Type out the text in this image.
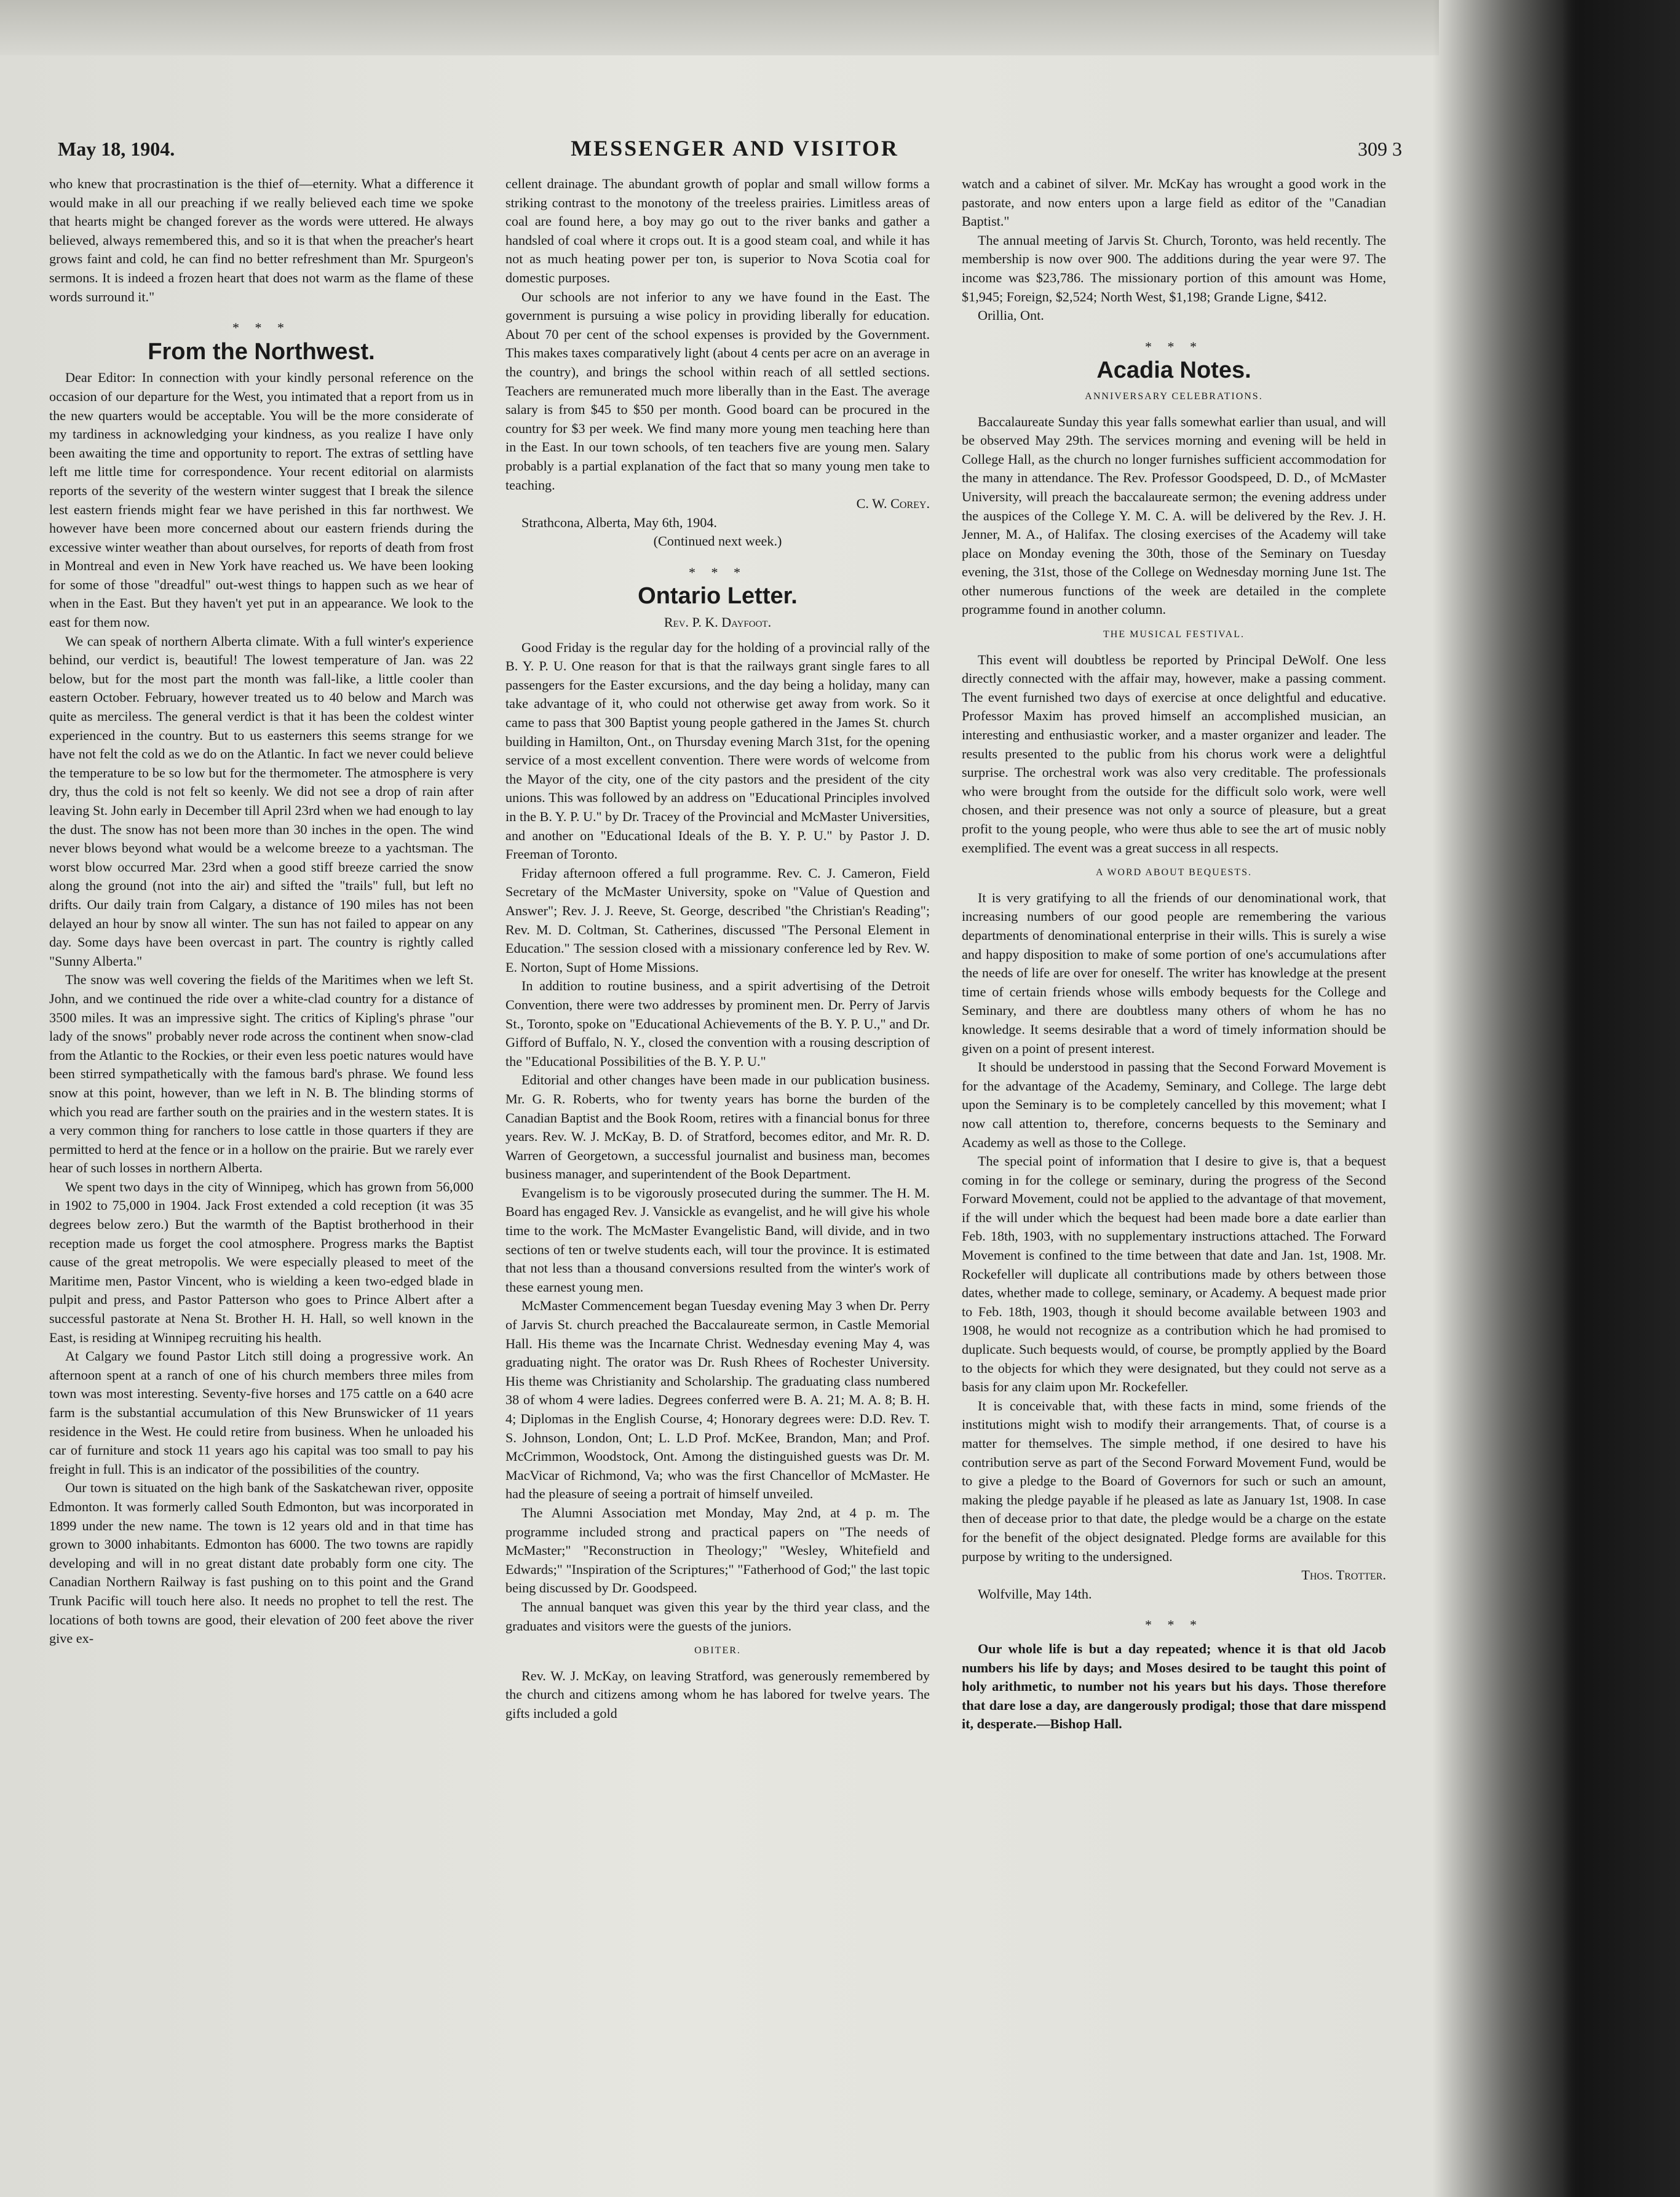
May 18, 1904.	MESSENGER AND VISITOR	309 3

who knew that procrastination is the thief of—eternity. What a difference it would make in all our preaching if we really believed each time we spoke that hearts might be changed forever as the words were uttered. He always believed, always remembered this, and so it is that when the preacher's heart grows faint and cold, he can find no better refreshment than Mr. Spurgeon's sermons. It is indeed a frozen heart that does not warm as the flame of these words surround it."

* * *
From the Northwest.

Dear Editor: In connection with your kindly personal reference on the occasion of our departure for the West, you intimated that a report from us in the new quarters would be acceptable. You will be the more considerate of my tardiness in acknowledging your kindness, as you realize I have only been awaiting the time and opportunity to report. The extras of settling have left me little time for correspondence. Your recent editorial on alarmists reports of the severity of the western winter suggest that I break the silence lest eastern friends might fear we have perished in this far northwest. We however have been more concerned about our eastern friends during the excessive winter weather than about ourselves, for reports of death from frost in Montreal and even in New York have reached us. We have been looking for some of those "dreadful" out-west things to happen such as we hear of when in the East. But they haven't yet put in an appearance. We look to the east for them now.

We can speak of northern Alberta climate. With a full winter's experience behind, our verdict is, beautiful! The lowest temperature of Jan. was 22 below, but for the most part the month was fall-like, a little cooler than eastern October. February, however treated us to 40 below and March was quite as merciless. The general verdict is that it has been the coldest winter experienced in the country. But to us easterners this seems strange for we have not felt the cold as we do on the Atlantic. In fact we never could believe the temperature to be so low but for the thermometer. The atmosphere is very dry, thus the cold is not felt so keenly. We did not see a drop of rain after leaving St. John early in December till April 23rd when we had enough to lay the dust. The snow has not been more than 30 inches in the open. The wind never blows beyond what would be a welcome breeze to a yachtsman. The worst blow occurred Mar. 23rd when a good stiff breeze carried the snow along the ground (not into the air) and sifted the "trails" full, but left no drifts. Our daily train from Calgary, a distance of 190 miles has not been delayed an hour by snow all winter. The sun has not failed to appear on any day. Some days have been overcast in part. The country is rightly called "Sunny Alberta."

The snow was well covering the fields of the Maritimes when we left St. John, and we continued the ride over a white-clad country for a distance of 3500 miles. It was an impressive sight. The critics of Kipling's phrase "our lady of the snows" probably never rode across the continent when snow-clad from the Atlantic to the Rockies, or their even less poetic natures would have been stirred sympathetically with the famous bard's phrase. We found less snow at this point, however, than we left in N. B. The blinding storms of which you read are farther south on the prairies and in the western states. It is a very common thing for ranchers to lose cattle in those quarters if they are permitted to herd at the fence or in a hollow on the prairie. But we rarely ever hear of such losses in northern Alberta.

We spent two days in the city of Winnipeg, which has grown from 56,000 in 1902 to 75,000 in 1904. Jack Frost extended a cold reception (it was 35 degrees below zero.) But the warmth of the Baptist brotherhood in their reception made us forget the cool atmosphere. Progress marks the Baptist cause of the great metropolis. We were especially pleased to meet of the Maritime men, Pastor Vincent, who is wielding a keen two-edged blade in pulpit and press, and Pastor Patterson who goes to Prince Albert after a successful pastorate at Nena St. Brother H. H. Hall, so well known in the East, is residing at Winnipeg recruiting his health.

At Calgary we found Pastor Litch still doing a progressive work. An afternoon spent at a ranch of one of his church members three miles from town was most interesting. Seventy-five horses and 175 cattle on a 640 acre farm is the substantial accumulation of this New Brunswicker of 11 years residence in the West. He could retire from business. When he unloaded his car of furniture and stock 11 years ago his capital was too small to pay his freight in full. This is an indicator of the possibilities of the country.

Our town is situated on the high bank of the Saskatchewan river, opposite Edmonton. It was formerly called South Edmonton, but was incorporated in 1899 under the new name. The town is 12 years old and in that time has grown to 3000 inhabitants. Edmonton has 6000. The two towns are rapidly developing and will in no great distant date probably form one city. The Canadian Northern Railway is fast pushing on to this point and the Grand Trunk Pacific will touch here also. It needs no prophet to tell the rest. The locations of both towns are good, their elevation of 200 feet above the river give ex-

cellent drainage. The abundant growth of poplar and small willow forms a striking contrast to the monotony of the treeless prairies. Limitless areas of coal are found here, a boy may go out to the river banks and gather a handsled of coal where it crops out. It is a good steam coal, and while it has not as much heating power per ton, is superior to Nova Scotia coal for domestic purposes.

Our schools are not inferior to any we have found in the East. The government is pursuing a wise policy in providing liberally for education. About 70 per cent of the school expenses is provided by the Government. This makes taxes comparatively light (about 4 cents per acre on an average in the country), and brings the school within reach of all settled sections. Teachers are remunerated much more liberally than in the East. The average salary is from $45 to $50 per month. Good board can be procured in the country for $3 per week. We find many more young men teaching here than in the East. In our town schools, of ten teachers five are young men. Salary probably is a partial explanation of the fact that so many young men take to teaching.

C. W. Corey.

Strathcona, Alberta, May 6th, 1904.

(Continued next week.)
* * *
Ontario Letter.
Rev. P. K. Dayfoot.

Good Friday is the regular day for the holding of a provincial rally of the B. Y. P. U. One reason for that is that the railways grant single fares to all passengers for the Easter excursions, and the day being a holiday, many can take advantage of it, who could not otherwise get away from work. So it came to pass that 300 Baptist young people gathered in the James St. church building in Hamilton, Ont., on Thursday evening March 31st, for the opening service of a most excellent convention. There were words of welcome from the Mayor of the city, one of the city pastors and the president of the city unions. This was followed by an address on "Educational Principles involved in the B. Y. P. U." by Dr. Tracey of the Provincial and McMaster Universities, and another on "Educational Ideals of the B. Y. P. U." by Pastor J. D. Freeman of Toronto.

Friday afternoon offered a full programme. Rev. C. J. Cameron, Field Secretary of the McMaster University, spoke on "Value of Question and Answer"; Rev. J. J. Reeve, St. George, described "the Christian's Reading"; Rev. M. D. Coltman, St. Catherines, discussed "The Personal Element in Education." The session closed with a missionary conference led by Rev. W. E. Norton, Supt of Home Missions.

In addition to routine business, and a spirit advertising of the Detroit Convention, there were two addresses by prominent men. Dr. Perry of Jarvis St., Toronto, spoke on "Educational Achievements of the B. Y. P. U.," and Dr. Gifford of Buffalo, N. Y., closed the convention with a rousing description of the "Educational Possibilities of the B. Y. P. U."

Editorial and other changes have been made in our publication business. Mr. G. R. Roberts, who for twenty years has borne the burden of the Canadian Baptist and the Book Room, retires with a financial bonus for three years. Rev. W. J. McKay, B. D. of Stratford, becomes editor, and Mr. R. D. Warren of Georgetown, a successful journalist and business man, becomes business manager, and superintendent of the Book Department.

Evangelism is to be vigorously prosecuted during the summer. The H. M. Board has engaged Rev. J. Vansickle as evangelist, and he will give his whole time to the work. The McMaster Evangelistic Band, will divide, and in two sections of ten or twelve students each, will tour the province. It is estimated that not less than a thousand conversions resulted from the winter's work of these earnest young men.

McMaster Commencement began Tuesday evening May 3 when Dr. Perry of Jarvis St. church preached the Baccalaureate sermon, in Castle Memorial Hall. His theme was the Incarnate Christ. Wednesday evening May 4, was graduating night. The orator was Dr. Rush Rhees of Rochester University. His theme was Christianity and Scholarship. The graduating class numbered 38 of whom 4 were ladies. Degrees conferred were B. A. 21; M. A. 8; B. H. 4; Diplomas in the English Course, 4; Honorary degrees were: D.D. Rev. T. S. Johnson, London, Ont; L. L.D Prof. McKee, Brandon, Man; and Prof. McCrimmon, Woodstock, Ont. Among the distinguished guests was Dr. M. MacVicar of Richmond, Va; who was the first Chancellor of McMaster. He had the pleasure of seeing a portrait of himself unveiled.

The Alumni Association met Monday, May 2nd, at 4 p. m. The programme included strong and practical papers on "The needs of McMaster;" "Reconstruction in Theology;" "Wesley, Whitefield and Edwards;" "Inspiration of the Scriptures;" "Fatherhood of God;" the last topic being discussed by Dr. Goodspeed.

The annual banquet was given this year by the third year class, and the graduates and visitors were the guests of the juniors.

OBITER.

Rev. W. J. McKay, on leaving Stratford, was generously remembered by the church and citizens among whom he has labored for twelve years. The gifts included a gold

watch and a cabinet of silver. Mr. McKay has wrought a good work in the pastorate, and now enters upon a large field as editor of the "Canadian Baptist."

The annual meeting of Jarvis St. Church, Toronto, was held recently. The membership is now over 900. The additions during the year were 97. The income was $23,786. The missionary portion of this amount was Home, $1,945; Foreign, $2,524; North West, $1,198; Grande Ligne, $412.

Orillia, Ont.

* * *
Acadia Notes.
ANNIVERSARY CELEBRATIONS.

Baccalaureate Sunday this year falls somewhat earlier than usual, and will be observed May 29th. The services morning and evening will be held in College Hall, as the church no longer furnishes sufficient accommodation for the many in attendance. The Rev. Professor Goodspeed, D. D., of McMaster University, will preach the baccalaureate sermon; the evening address under the auspices of the College Y. M. C. A. will be delivered by the Rev. J. H. Jenner, M. A., of Halifax. The closing exercises of the Academy will take place on Monday evening the 30th, those of the Seminary on Tuesday evening, the 31st, those of the College on Wednesday morning June 1st. The other numerous functions of the week are detailed in the complete programme found in another column.

THE MUSICAL FESTIVAL.

This event will doubtless be reported by Principal DeWolf. One less directly connected with the affair may, however, make a passing comment. The event furnished two days of exercise at once delightful and educative. Professor Maxim has proved himself an accomplished musician, an interesting and enthusiastic worker, and a master organizer and leader. The results presented to the public from his chorus work were a delightful surprise. The orchestral work was also very creditable. The professionals who were brought from the outside for the difficult solo work, were well chosen, and their presence was not only a source of pleasure, but a great profit to the young people, who were thus able to see the art of music nobly exemplified. The event was a great success in all respects.

A WORD ABOUT BEQUESTS.

It is very gratifying to all the friends of our denominational work, that increasing numbers of our good people are remembering the various departments of denominational enterprise in their wills. This is surely a wise and happy disposition to make of some portion of one's accumulations after the needs of life are over for oneself. The writer has knowledge at the present time of certain friends whose wills embody bequests for the College and Seminary, and there are doubtless many others of whom he has no knowledge. It seems desirable that a word of timely information should be given on a point of present interest.

It should be understood in passing that the Second Forward Movement is for the advantage of the Academy, Seminary, and College. The large debt upon the Seminary is to be completely cancelled by this movement; what I now call attention to, therefore, concerns bequests to the Seminary and Academy as well as those to the College.

The special point of information that I desire to give is, that a bequest coming in for the college or seminary, during the progress of the Second Forward Movement, could not be applied to the advantage of that movement, if the will under which the bequest had been made bore a date earlier than Feb. 18th, 1903, with no supplementary instructions attached. The Forward Movement is confined to the time between that date and Jan. 1st, 1908. Mr. Rockefeller will duplicate all contributions made by others between those dates, whether made to college, seminary, or Academy. A bequest made prior to Feb. 18th, 1903, though it should become available between 1903 and 1908, he would not recognize as a contribution which he had promised to duplicate. Such bequests would, of course, be promptly applied by the Board to the objects for which they were designated, but they could not serve as a basis for any claim upon Mr. Rockefeller.

It is conceivable that, with these facts in mind, some friends of the institutions might wish to modify their arrangements. That, of course is a matter for themselves. The simple method, if one desired to have his contribution serve as part of the Second Forward Movement Fund, would be to give a pledge to the Board of Governors for such or such an amount, making the pledge payable if he pleased as late as January 1st, 1908. In case then of decease prior to that date, the pledge would be a charge on the estate for the benefit of the object designated. Pledge forms are available for this purpose by writing to the undersigned.

Thos. Trotter.

Wolfville, May 14th.

* * *

Our whole life is but a day repeated; whence it is that old Jacob numbers his life by days; and Moses desired to be taught this point of holy arithmetic, to number not his years but his days. Those therefore that dare lose a day, are dangerously prodigal; those that dare misspend it, desperate.—Bishop Hall.
